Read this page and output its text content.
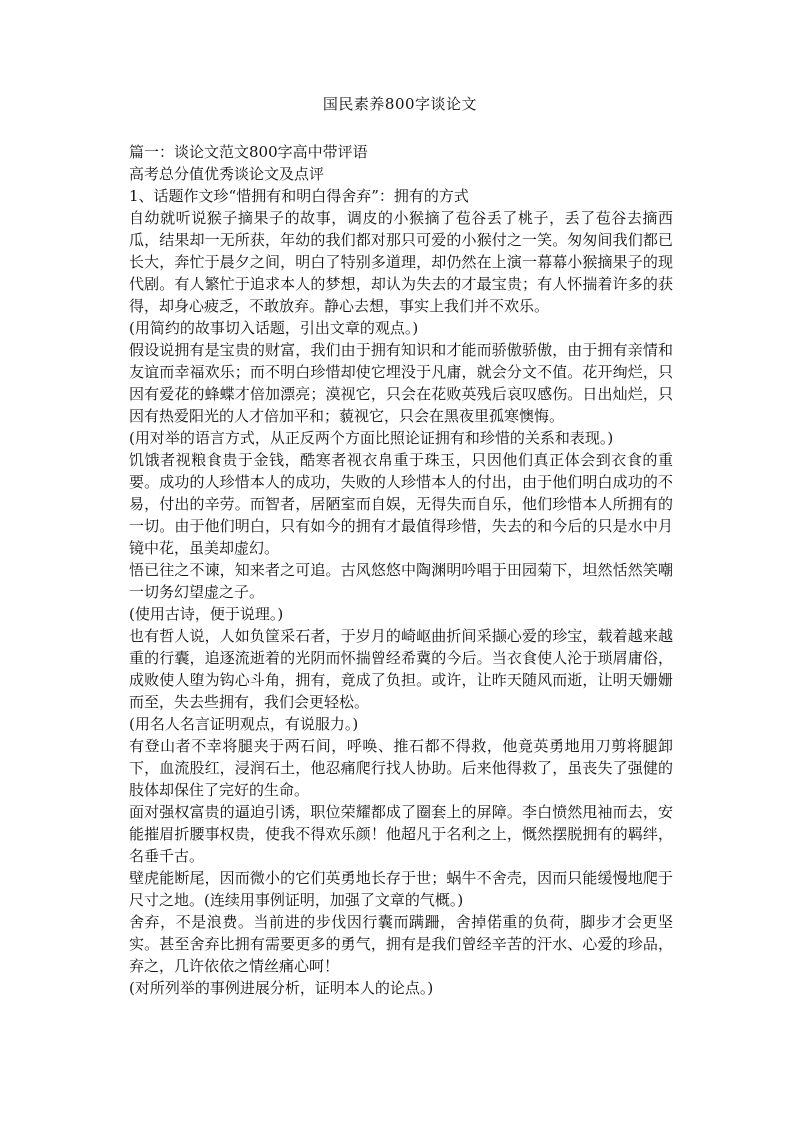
国民素养800字谈论文

篇一：谈论文范文800字高中带评语

高考总分值优秀谈论文及点评

1、话题作文珍“惜拥有和明白得舍弃”：拥有的方式

自幼就听说猴子摘果子的故事，调皮的小猴摘了苞谷丢了桃子，丢了苞谷去摘西瓜，结果却一无所获，年幼的我们都对那只可爱的小猴付之一笑。匆匆间我们都已长大，奔忙于晨夕之间，明白了特别多道理，却仍然在上演一幕幕小猴摘果子的现代剧。有人繁忙于追求本人的梦想，却认为失去的才最宝贵；有人怀揣着许多的获得，却身心疲乏，不敢放弃。静心去想，事实上我们并不欢乐。

(用简约的故事切入话题，引出文章的观点。)

假设说拥有是宝贵的财富，我们由于拥有知识和才能而骄傲骄傲，由于拥有亲情和友谊而幸福欢乐；而不明白珍惜却使它埋没于凡庸，就会分文不值。花开绚烂，只因有爱花的蜂蝶才倍加漂亮；漠视它，只会在花败英残后哀叹感伤。日出灿烂，只因有热爱阳光的人才倍加平和；藐视它，只会在黑夜里孤寒懊悔。

(用对举的语言方式，从正反两个方面比照论证拥有和珍惜的关系和表现。)

饥饿者视粮食贵于金钱，酷寒者视衣帛重于珠玉，只因他们真正体会到衣食的重要。成功的人珍惜本人的成功，失败的人珍惜本人的付出，由于他们明白成功的不易，付出的辛劳。而智者，居陋室而自娱，无得失而自乐，他们珍惜本人所拥有的一切。由于他们明白，只有如今的拥有才最值得珍惜，失去的和今后的只是水中月镜中花，虽美却虚幻。

悟已往之不谏，知来者之可追。古风悠悠中陶渊明吟唱于田园菊下，坦然恬然笑嘲一切务幻望虚之子。

(使用古诗，便于说理。)

也有哲人说，人如负筐采石者，于岁月的崎岖曲折间采撷心爱的珍宝，载着越来越重的行囊，追逐流逝着的光阴而怀揣曾经希冀的今后。当衣食使人沦于琐屑庸俗，成败使人堕为钩心斗角，拥有，竟成了负担。或许，让昨天随风而逝，让明天姗姗而至，失去些拥有，我们会更轻松。

(用名人名言证明观点，有说服力。)

有登山者不幸将腿夹于两石间，呼唤、推石都不得救，他竟英勇地用刀剪将腿卸下，血流股红，浸润石土，他忍痛爬行找人协助。后来他得救了，虽丧失了强健的肢体却保住了完好的生命。

面对强权富贵的逼迫引诱，职位荣耀都成了圈套上的屏障。李白愤然甩袖而去，安能摧眉折腰事权贵，使我不得欢乐颜！他超凡于名利之上，慨然摆脱拥有的羁绊，名垂千古。

壁虎能断尾，因而微小的它们英勇地长存于世；蜗牛不舍壳，因而只能缓慢地爬于尺寸之地。(连续用事例证明，加强了文章的气概。)

舍弃，不是浪费。当前进的步伐因行囊而蹒跚，舍掉偌重的负荷，脚步才会更坚实。甚至舍弃比拥有需要更多的勇气，拥有是我们曾经辛苦的汗水、心爱的珍品，弃之，几许依依之情丝痛心呵！

(对所列举的事例进展分析，证明本人的论点。)
